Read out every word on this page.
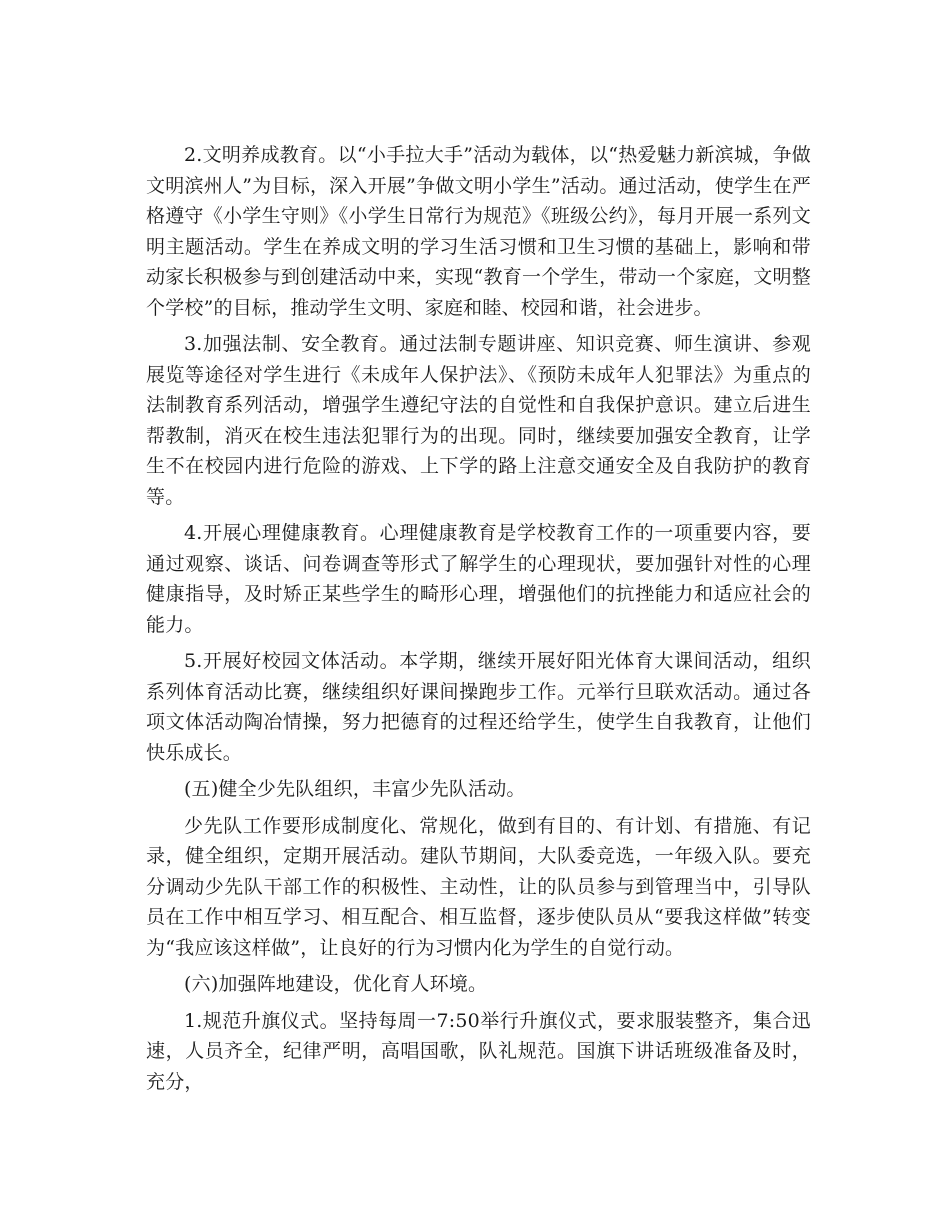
2.文明养成教育。以“小手拉大手”活动为载体，以“热爱魅力新滨城，争做文明滨州人”为目标，深入开展”争做文明小学生”活动。通过活动，使学生在严格遵守《小学生守则》《小学生日常行为规范》《班级公约》，每月开展一系列文明主题活动。学生在养成文明的学习生活习惯和卫生习惯的基础上，影响和带动家长积极参与到创建活动中来，实现“教育一个学生，带动一个家庭，文明整个学校”的目标，推动学生文明、家庭和睦、校园和谐，社会进步。

3.加强法制、安全教育。通过法制专题讲座、知识竞赛、师生演讲、参观展览等途径对学生进行《未成年人保护法》、《预防未成年人犯罪法》为重点的法制教育系列活动，增强学生遵纪守法的自觉性和自我保护意识。建立后进生帮教制，消灭在校生违法犯罪行为的出现。同时，继续要加强安全教育，让学生不在校园内进行危险的游戏、上下学的路上注意交通安全及自我防护的教育等。

4.开展心理健康教育。心理健康教育是学校教育工作的一项重要内容，要通过观察、谈话、问卷调查等形式了解学生的心理现状，要加强针对性的心理健康指导，及时矫正某些学生的畸形心理，增强他们的抗挫能力和适应社会的能力。

5.开展好校园文体活动。本学期，继续开展好阳光体育大课间活动，组织系列体育活动比赛，继续组织好课间操跑步工作。元举行旦联欢活动。通过各项文体活动陶冶情操，努力把德育的过程还给学生，使学生自我教育，让他们快乐成长。

(五)健全少先队组织，丰富少先队活动。

少先队工作要形成制度化、常规化，做到有目的、有计划、有措施、有记录，健全组织，定期开展活动。建队节期间，大队委竞选，一年级入队。要充分调动少先队干部工作的积极性、主动性，让的队员参与到管理当中，引导队员在工作中相互学习、相互配合、相互监督，逐步使队员从“要我这样做”转变为“我应该这样做”，让良好的行为习惯内化为学生的自觉行动。

(六)加强阵地建设，优化育人环境。

1.规范升旗仪式。坚持每周一7:50举行升旗仪式，要求服装整齐，集合迅速，人员齐全，纪律严明，高唱国歌，队礼规范。国旗下讲话班级准备及时，充分，
